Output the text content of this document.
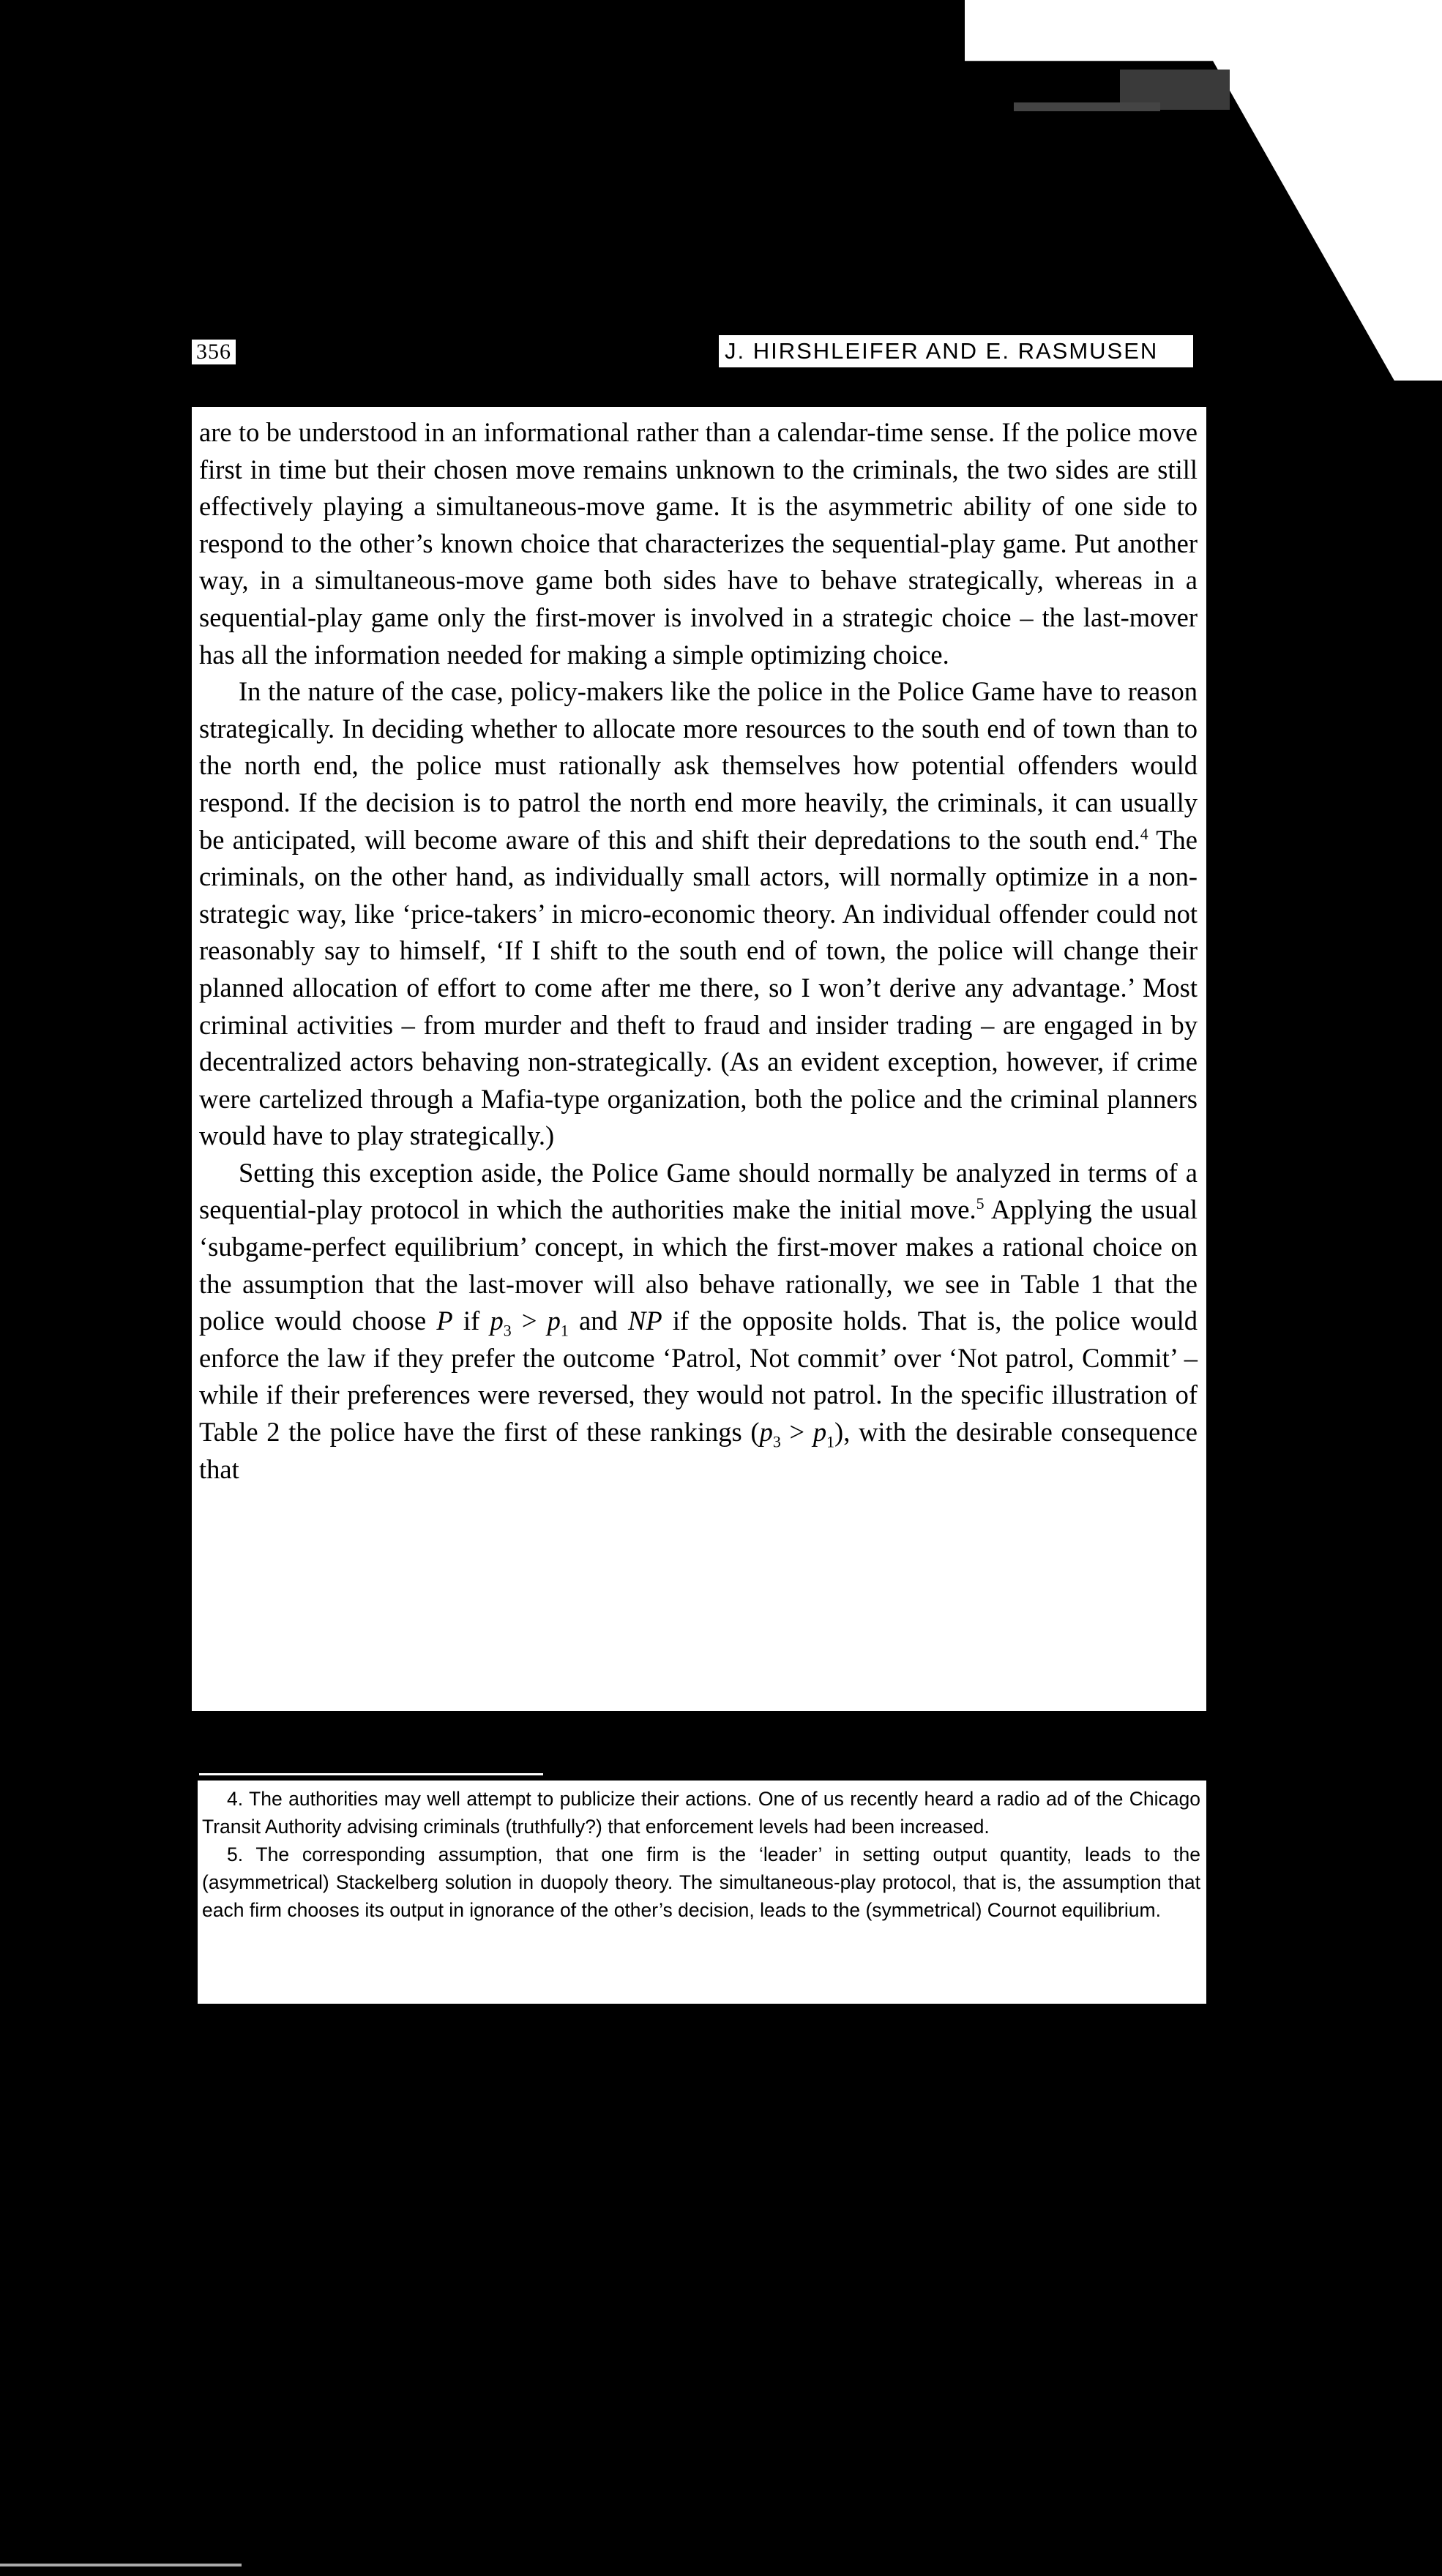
356	J. HIRSHLEIFER AND E. RASMUSEN

are to be understood in an informational rather than a calendar-time sense. If the police move first in time but their chosen move remains unknown to the criminals, the two sides are still effectively playing a simultaneous-move game. It is the asymmetric ability of one side to respond to the other’s known choice that characterizes the sequential-play game. Put another way, in a simultaneous-move game both sides have to behave strategically, whereas in a sequential-play game only the first-mover is involved in a strategic choice – the last-mover has all the information needed for making a simple optimizing choice.

In the nature of the case, policy-makers like the police in the Police Game have to reason strategically. In deciding whether to allocate more resources to the south end of town than to the north end, the police must rationally ask themselves how potential offenders would respond. If the decision is to patrol the north end more heavily, the criminals, it can usually be anticipated, will become aware of this and shift their depredations to the south end.$^4$ The criminals, on the other hand, as individually small actors, will normally optimize in a non-strategic way, like ‘price-takers’ in micro-economic theory. An individual offender could not reasonably say to himself, ‘If I shift to the south end of town, the police will change their planned allocation of effort to come after me there, so I won’t derive any advantage.’ Most criminal activities – from murder and theft to fraud and insider trading – are engaged in by decentralized actors behaving non-strategically. (As an evident exception, however, if crime were cartelized through a Mafia-type organization, both the police and the criminal planners would have to play strategically.)

Setting this exception aside, the Police Game should normally be analyzed in terms of a sequential-play protocol in which the authorities make the initial move.$^5$ Applying the usual ‘subgame-perfect equilibrium’ concept, in which the first-mover makes a rational choice on the assumption that the last-mover will also behave rationally, we see in Table 1 that the police would choose P if $p_3 > p_1$ and NP if the opposite holds. That is, the police would enforce the law if they prefer the outcome ‘Patrol, Not commit’ over ‘Not patrol, Commit’ – while if their preferences were reversed, they would not patrol. In the specific illustration of Table 2 the police have the first of these rankings $(p_3 > p_1)$, with the desirable consequence that

4. The authorities may well attempt to publicize their actions. One of us recently heard a radio ad of the Chicago Transit Authority advising criminals (truthfully?) that enforcement levels had been increased.

5. The corresponding assumption, that one firm is the ‘leader’ in setting output quantity, leads to the (asymmetrical) Stackelberg solution in duopoly theory. The simultaneous-play protocol, that is, the assumption that each firm chooses its output in ignorance of the other’s decision, leads to the (symmetrical) Cournot equilibrium.
